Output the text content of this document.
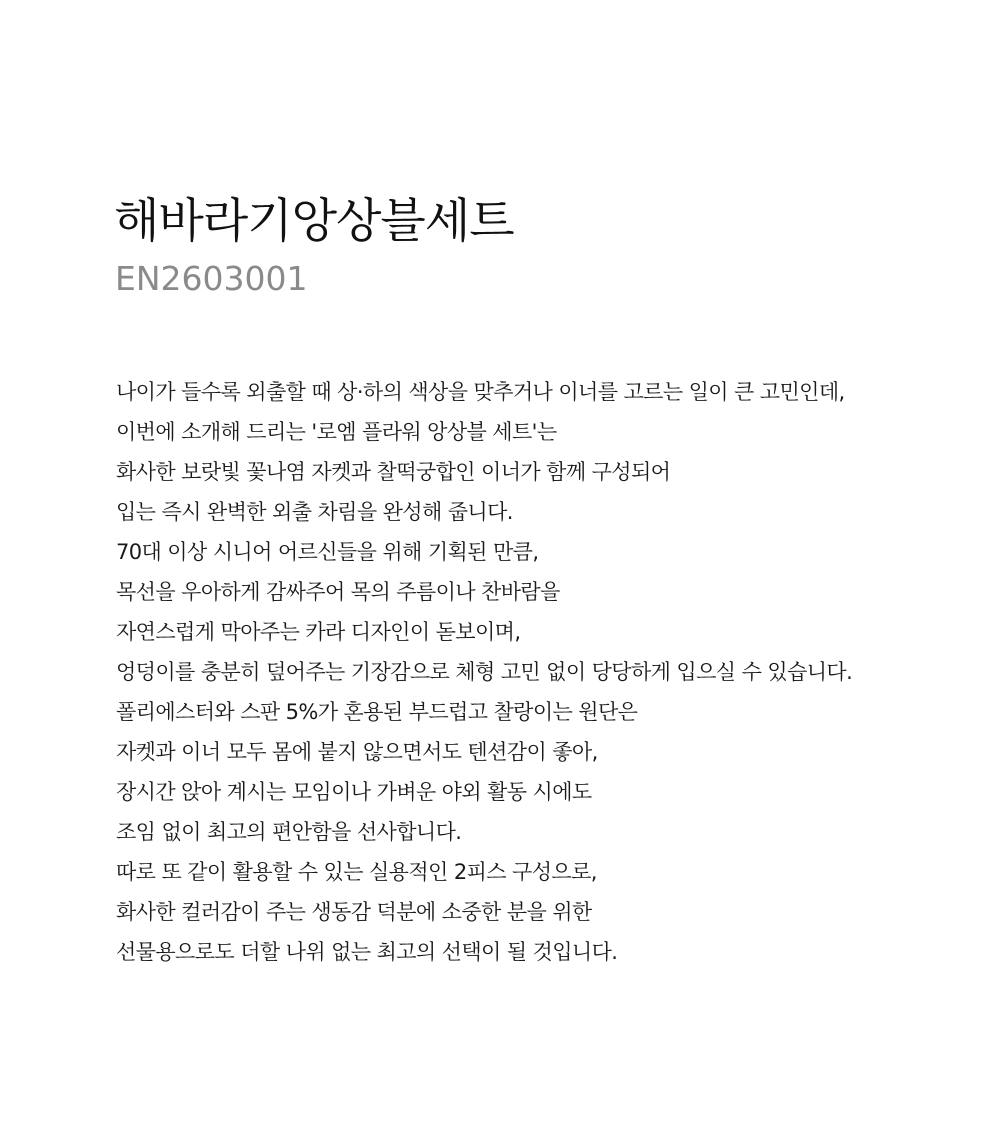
해바라기앙상블세트

EN2603001

나이가 들수록 외출할 때 상·하의 색상을 맞추거나 이너를 고르는 일이 큰 고민인데,
이번에 소개해 드리는 '로엠 플라워 앙상블 세트'는
화사한 보랏빛 꽃나염 자켓과 찰떡궁합인 이너가 함께 구성되어
입는 즉시 완벽한 외출 차림을 완성해 줍니다.
70대 이상 시니어 어르신들을 위해 기획된 만큼,
목선을 우아하게 감싸주어 목의 주름이나 찬바람을
자연스럽게 막아주는 카라 디자인이 돋보이며,
엉덩이를 충분히 덮어주는 기장감으로 체형 고민 없이 당당하게 입으실 수 있습니다.
폴리에스터와 스판 5%가 혼용된 부드럽고 찰랑이는 원단은
자켓과 이너 모두 몸에 붙지 않으면서도 텐션감이 좋아,
장시간 앉아 계시는 모임이나 가벼운 야외 활동 시에도
조임 없이 최고의 편안함을 선사합니다.
따로 또 같이 활용할 수 있는 실용적인 2피스 구성으로,
화사한 컬러감이 주는 생동감 덕분에 소중한 분을 위한
선물용으로도 더할 나위 없는 최고의 선택이 될 것입니다.
